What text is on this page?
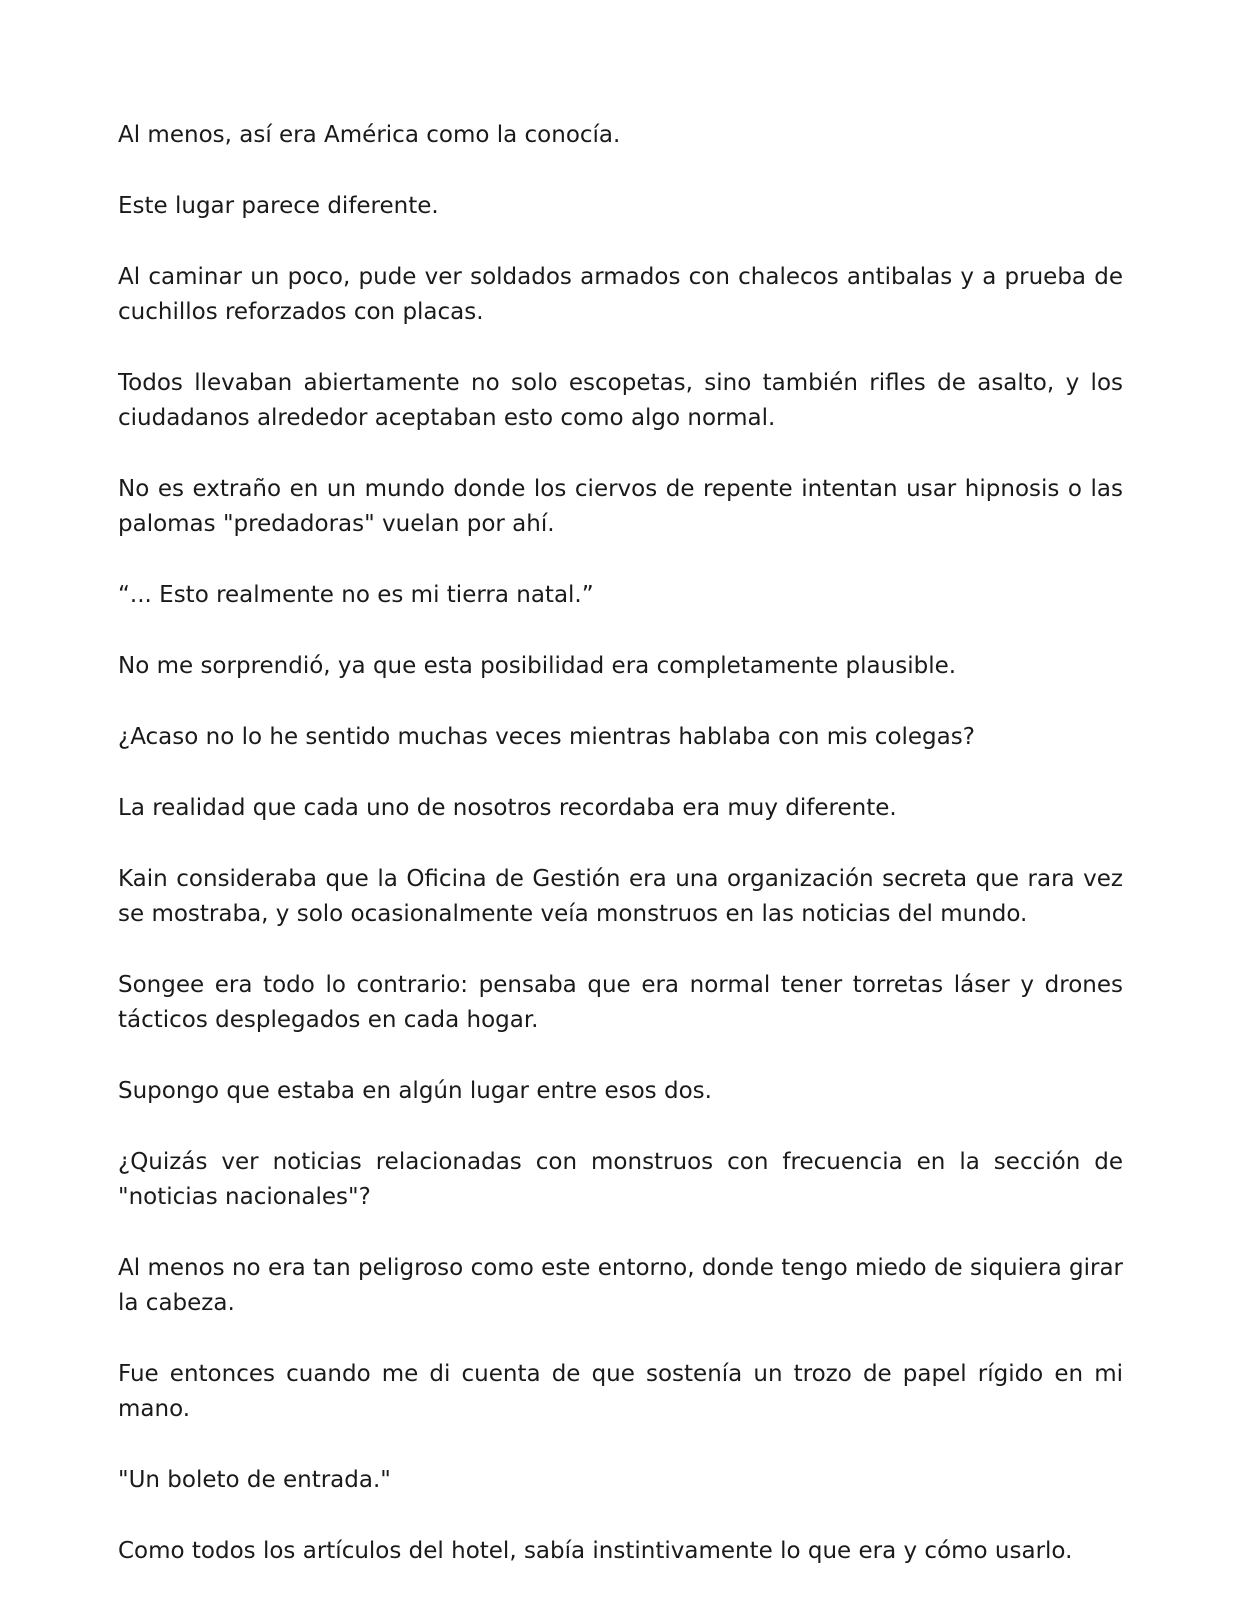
Al menos, así era América como la conocía.

Este lugar parece diferente.

Al caminar un poco, pude ver soldados armados con chalecos antibalas y a prueba de cuchillos reforzados con placas.

Todos llevaban abiertamente no solo escopetas, sino también rifles de asalto, y los ciudadanos alrededor aceptaban esto como algo normal.

No es extraño en un mundo donde los ciervos de repente intentan usar hipnosis o las palomas "predadoras" vuelan por ahí.

“... Esto realmente no es mi tierra natal.”

No me sorprendió, ya que esta posibilidad era completamente plausible.

¿Acaso no lo he sentido muchas veces mientras hablaba con mis colegas?

La realidad que cada uno de nosotros recordaba era muy diferente.

Kain consideraba que la Oficina de Gestión era una organización secreta que rara vez se mostraba, y solo ocasionalmente veía monstruos en las noticias del mundo.

Songee era todo lo contrario: pensaba que era normal tener torretas láser y drones tácticos desplegados en cada hogar.

Supongo que estaba en algún lugar entre esos dos.

¿Quizás ver noticias relacionadas con monstruos con frecuencia en la sección de "noticias nacionales"?

Al menos no era tan peligroso como este entorno, donde tengo miedo de siquiera girar la cabeza.

Fue entonces cuando me di cuenta de que sostenía un trozo de papel rígido en mi mano.

"Un boleto de entrada."

Como todos los artículos del hotel, sabía instintivamente lo que era y cómo usarlo.
